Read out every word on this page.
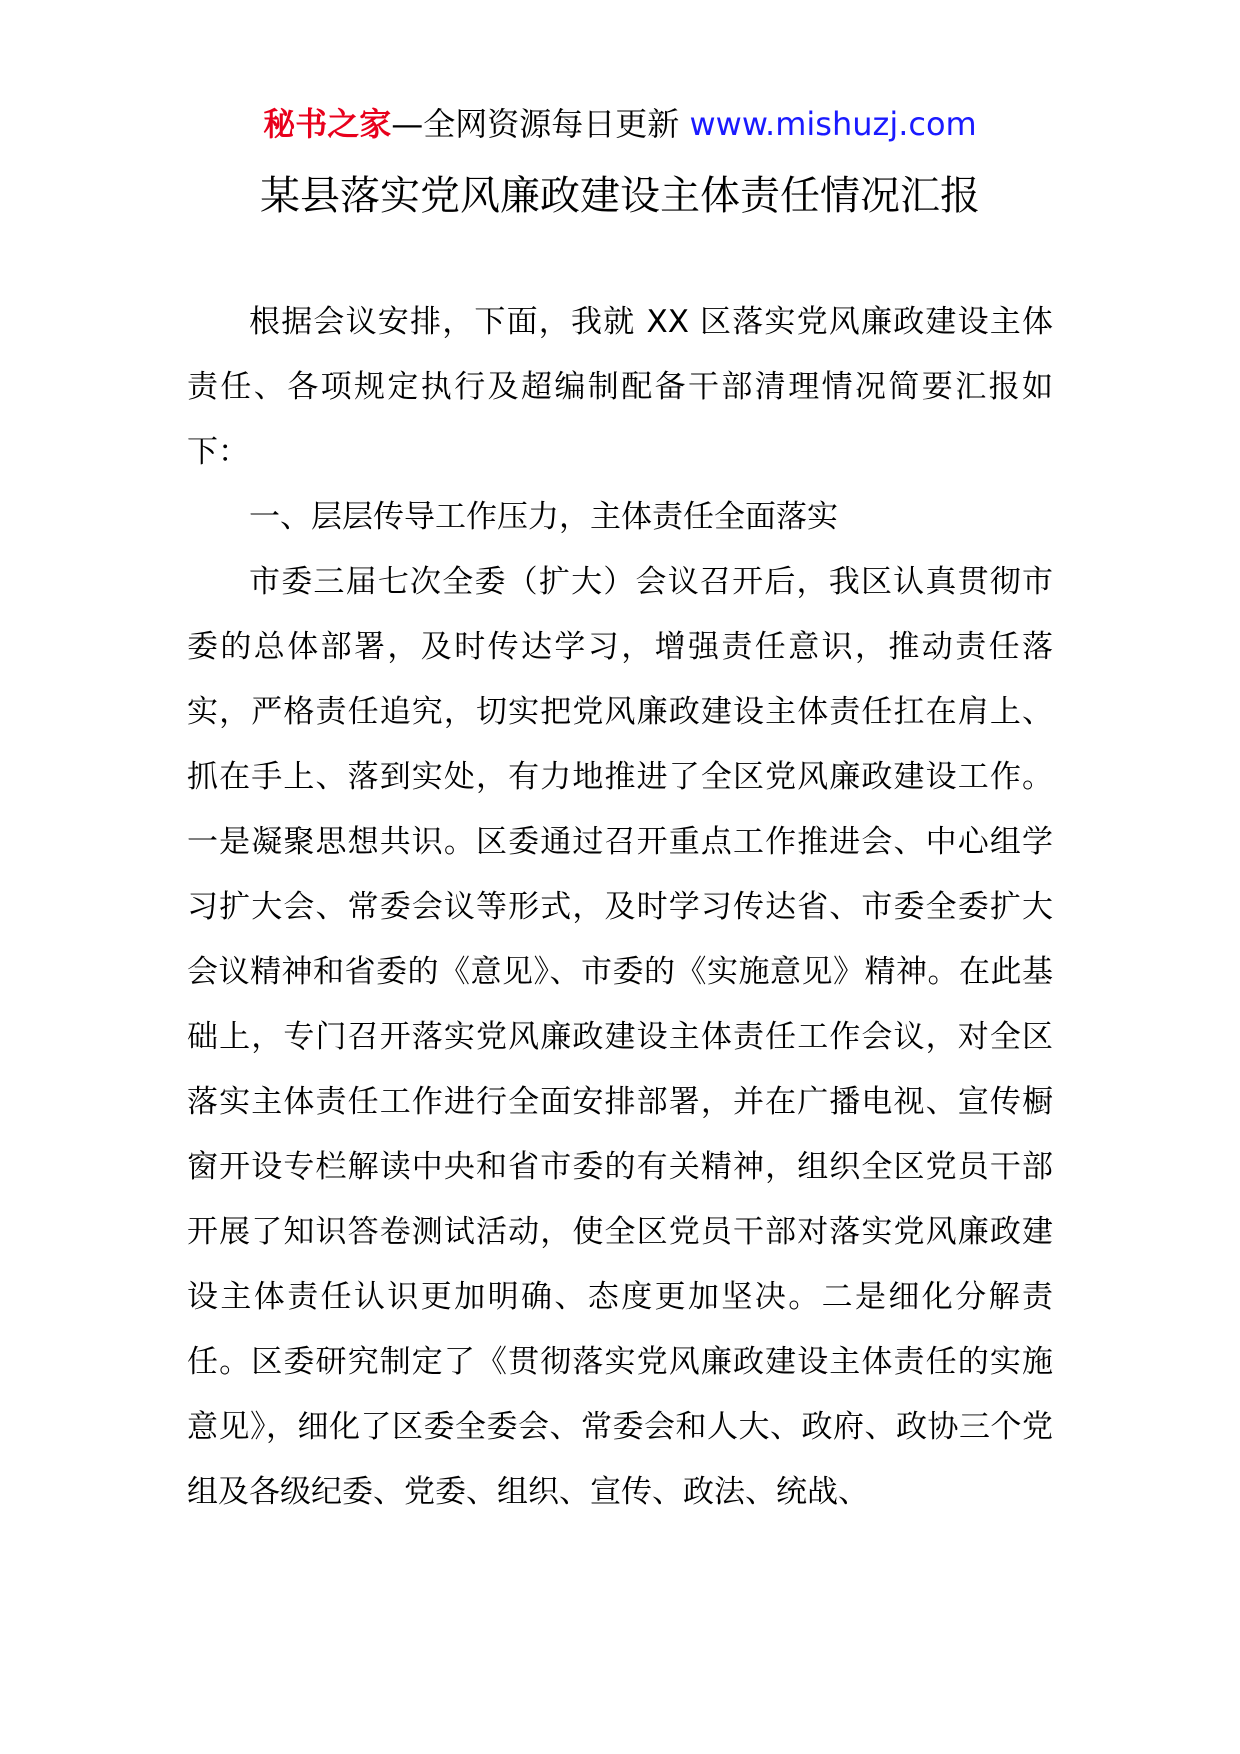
秘书之家—全网资源每日更新 www.mishuzj.com
某县落实党风廉政建设主体责任情况汇报

根据会议安排，下面，我就 XX 区落实党风廉政建设主体责任、各项规定执行及超编制配备干部清理情况简要汇报如下：

一、层层传导工作压力，主体责任全面落实

市委三届七次全委（扩大）会议召开后，我区认真贯彻市委的总体部署，及时传达学习，增强责任意识，推动责任落实，严格责任追究，切实把党风廉政建设主体责任扛在肩上、抓在手上、落到实处，有力地推进了全区党风廉政建设工作。一是凝聚思想共识。区委通过召开重点工作推进会、中心组学习扩大会、常委会议等形式，及时学习传达省、市委全委扩大会议精神和省委的《意见》、市委的《实施意见》精神。在此基础上，专门召开落实党风廉政建设主体责任工作会议，对全区落实主体责任工作进行全面安排部署，并在广播电视、宣传橱窗开设专栏解读中央和省市委的有关精神，组织全区党员干部开展了知识答卷测试活动，使全区党员干部对落实党风廉政建设主体责任认识更加明确、态度更加坚决。二是细化分解责任。区委研究制定了《贯彻落实党风廉政建设主体责任的实施意见》，细化了区委全委会、常委会和人大、政府、政协三个党组及各级纪委、党委、组织、宣传、政法、统战、
